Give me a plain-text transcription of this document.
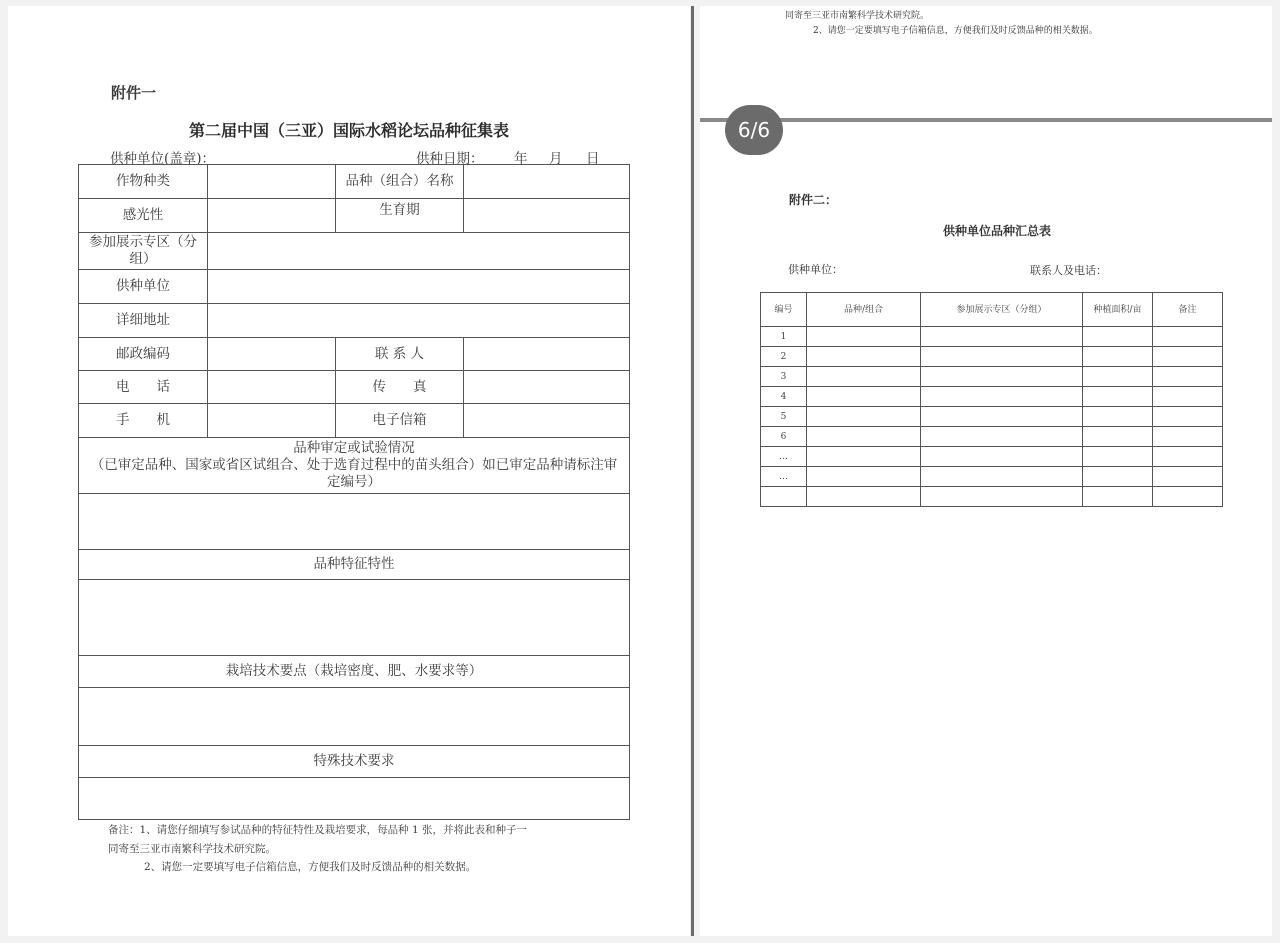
附件一
第二届中国（三亚）国际水稻论坛品种征集表
供种单位(盖章)：	供种日期： 年 月 日
作物种类		品种（组合）名称	
感光性		生育期	
参加展示专区（分组）			
供种单位			
详细地址			
邮政编码		联 系 人	
电　　话		传　　真	
手　　机		电子信箱	

品种审定或试验情况
（已审定品种、国家或省区试组合、处于选育过程中的苗头组合）如已审定品种请标注审定编号）			

品种特征特性			

栽培技术要点（栽培密度、肥、水要求等）			

特殊技术要求			

备注：1、请您仔细填写参试品种的特征特性及栽培要求，每品种 1 张，并将此表和种子一
同寄至三亚市南繁科学技术研究院。
2、请您一定要填写电子信箱信息，方便我们及时反馈品种的相关数据。
同寄至三亚市南繁科学技术研究院。
2、请您一定要填写电子信箱信息，方便我们及时反馈品种的相关数据。
6/6
附件二：
供种单位品种汇总表
供种单位：	联系人及电话：
编号	品种/组合	参加展示专区（分组）	种植面积/亩	备注
1				
2				
3				
4				
5				
6				
…				
…				
